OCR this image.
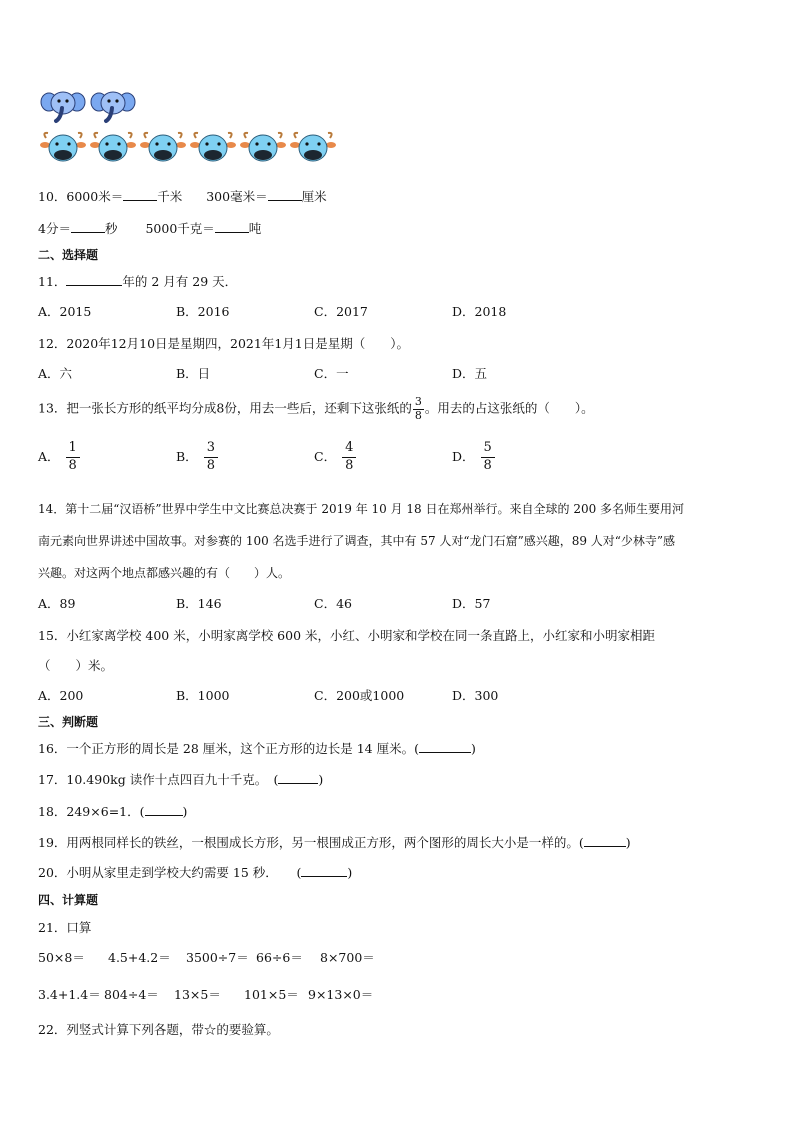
10．6000米＝	千米 300毫米＝	厘米
4分＝	秒 5000千克＝	吨
二、选择题
11．	年的 2 月有 29 天．
A．2015	B．2016	C．2017	D．2018
12．2020年12月10日是星期四，2021年1月1日是星期（　　）。
A．六	B．日	C．一	D．五
13．把一张长方形的纸平均分成8份，用去一些后，还剩下这张纸的 $\frac{3}{8}$ 。用去的占这张纸的（　　）。
A． $\frac{1}{8}$	B． $\frac{3}{8}$	C． $\frac{4}{8}$	D． $\frac{5}{8}$
14．第十二届“汉语桥”世界中学生中文比赛总决赛于 2019 年 10 月 18 日在郑州举行。来自全球的 200 多名师生要用河
南元素向世界讲述中国故事。对参赛的 100 名选手进行了调查，其中有 57 人对“龙门石窟”感兴趣，89 人对“少林寺”感
兴趣。对这两个地点都感兴趣的有（　　）人。
A．89	B．146	C．46	D．57
15．小红家离学校 400 米，小明家离学校 600 米，小红、小明家和学校在同一条直路上，小红家和小明家相距
（　　）米。
A．200	B．1000	C．200或1000	D．300
三、判断题
16．一个正方形的周长是 28 厘米，这个正方形的边长是 14 厘米。(	)
17．10.490kg 读作十点四百九十千克。　(	)
18．249×6=1．(	)
19．用两根同样长的铁丝，一根围成长方形，另一根围成正方形，两个图形的周长大小是一样的。(	)
20．小明从家里走到学校大约需要 15 秒．　　(	)
四、计算题
21．口算
50×8＝ 4.5+4.2＝ 3500÷7＝ 66÷6＝ 8×700＝
3.4+1.4＝ 804÷4＝ 13×5＝ 101×5＝ 9×13×0＝
22．列竖式计算下列各题，带☆的要验算。
